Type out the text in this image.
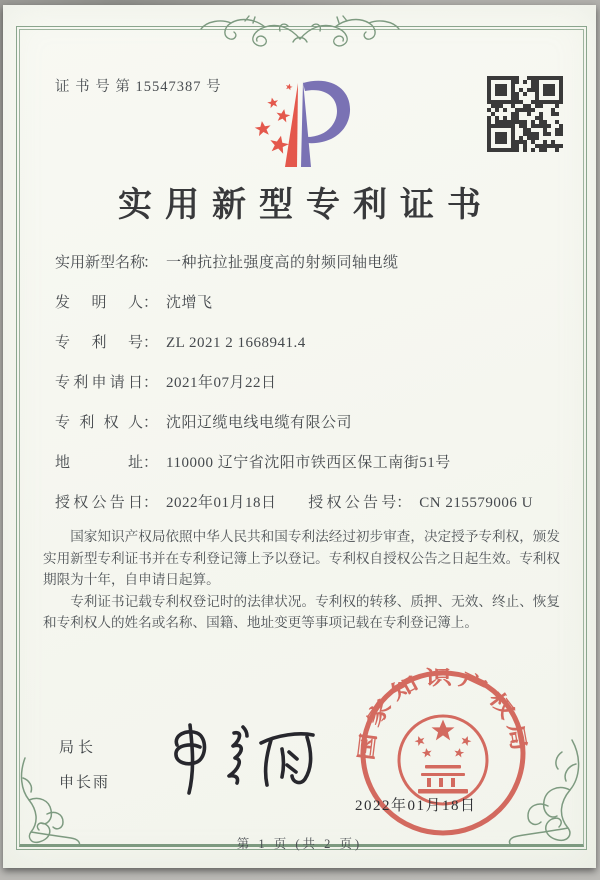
证 书 号 第 15547387 号
实用新型专利证书
实用新型名称： 一种抗拉扯强度高的射频同轴电缆
发明人： 沈增飞
专利号： ZL 2021 2 1668941.4
专利申请日： 2021年07月22日
专利权人： 沈阳辽缆电线电缆有限公司
地址： 110000 辽宁省沈阳市铁西区保工南街51号
授权公告日： 2022年01月18日 授权公告号： CN 215579006 U

国家知识产权局依照中华人民共和国专利法经过初步审查，决定授予专利权，颁发实用新型专利证书并在专利登记簿上予以登记。专利权自授权公告之日起生效。专利权期限为十年，自申请日起算。

专利证书记载专利权登记时的法律状况。专利权的转移、质押、无效、终止、恢复和专利权人的姓名或名称、国籍、地址变更等事项记载在专利登记簿上。

局长
申长雨
国家知识产权局
2022年01月18日
第 1 页 (共 2 页)
